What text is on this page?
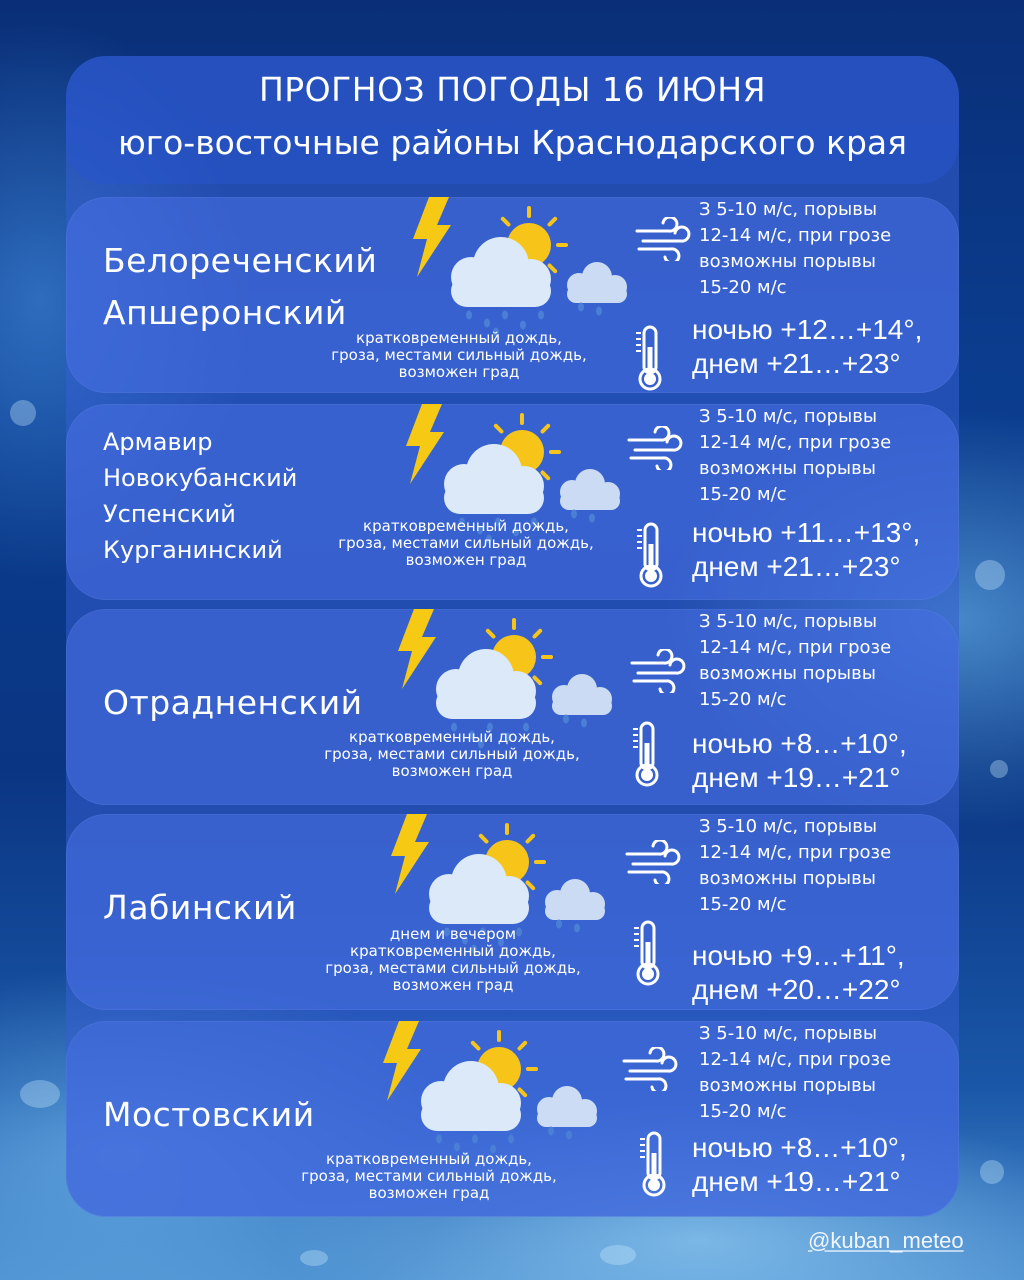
ПРОГНОЗ ПОГОДЫ 16 ИЮНЯ
юго-восточные районы Краснодарского края
Белореченский
Апшеронский
кратковременный дождь,
гроза, местами сильный дождь,
возможен град
З 5-10 м/с, порывы
12-14 м/с, при грозе
возможны порывы
15-20 м/с
ночью +12…+14°,
днем +21…+23°
Армавир
Новокубанский
Успенский
Курганинский
кратковременный дождь,
гроза, местами сильный дождь,
возможен град
З 5-10 м/с, порывы
12-14 м/с, при грозе
возможны порывы
15-20 м/с
ночью +11…+13°,
днем +21…+23°
Отрадненский
кратковременный дождь,
гроза, местами сильный дождь,
возможен град
З 5-10 м/с, порывы
12-14 м/с, при грозе
возможны порывы
15-20 м/с
ночью +8…+10°,
днем +19…+21°
Лабинский
днем и вечером
кратковременный дождь,
гроза, местами сильный дождь,
возможен град
З 5-10 м/с, порывы
12-14 м/с, при грозе
возможны порывы
15-20 м/с
ночью +9…+11°,
днем +20…+22°
Мостовский
кратковременный дождь,
гроза, местами сильный дождь,
возможен град
З 5-10 м/с, порывы
12-14 м/с, при грозе
возможны порывы
15-20 м/с
ночью +8…+10°,
днем +19…+21°
@kuban_meteo
